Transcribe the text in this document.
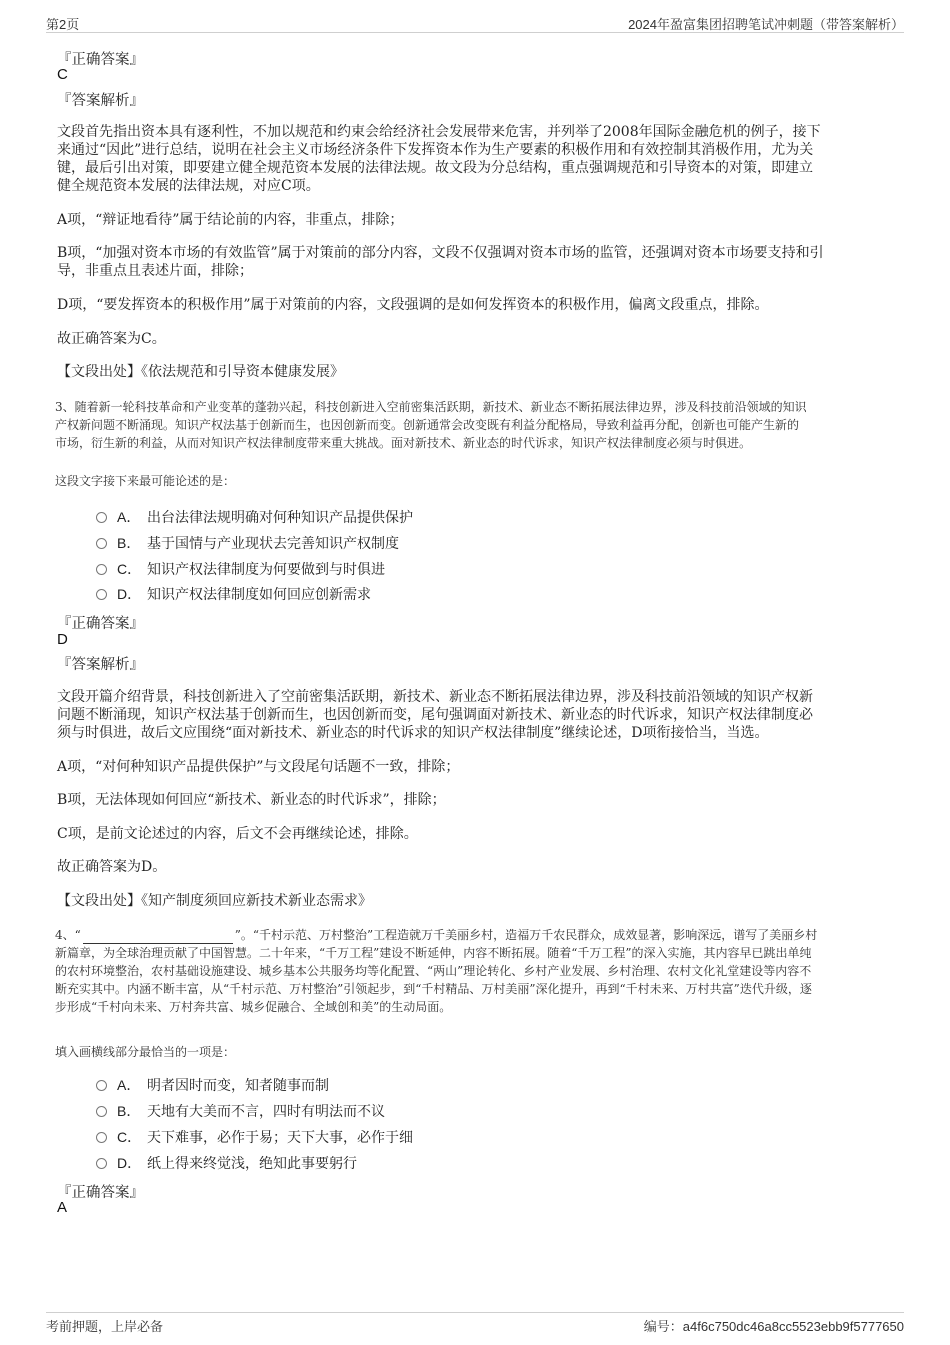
第2页	2024年盈富集团招聘笔试冲刺题（带答案解析）
『正确答案』
C
『答案解析』
文段首先指出资本具有逐利性，不加以规范和约束会给经济社会发展带来危害，并列举了2008年国际金融危机的例子，接下
来通过“因此”进行总结，说明在社会主义市场经济条件下发挥资本作为生产要素的积极作用和有效控制其消极作用，尤为关
键，最后引出对策，即要建立健全规范资本发展的法律法规。故文段为分总结构，重点强调规范和引导资本的对策，即建立
健全规范资本发展的法律法规，对应C项。
A项，“辩证地看待”属于结论前的内容，非重点，排除；
B项，“加强对资本市场的有效监管”属于对策前的部分内容，文段不仅强调对资本市场的监管，还强调对资本市场要支持和引
导，非重点且表述片面，排除；
D项，“要发挥资本的积极作用”属于对策前的内容，文段强调的是如何发挥资本的积极作用，偏离文段重点，排除。
故正确答案为C。
【文段出处】《依法规范和引导资本健康发展》
3、随着新一轮科技革命和产业变革的蓬勃兴起，科技创新进入空前密集活跃期，新技术、新业态不断拓展法律边界，涉及科技前沿领域的知识
产权新问题不断涌现。知识产权法基于创新而生，也因创新而变。创新通常会改变既有利益分配格局，导致利益再分配，创新也可能产生新的
市场，衍生新的利益，从而对知识产权法律制度带来重大挑战。面对新技术、新业态的时代诉求，知识产权法律制度必须与时俱进。
这段文字接下来最可能论述的是：
A． 出台法律法规明确对何种知识产品提供保护
B． 基于国情与产业现状去完善知识产权制度
C． 知识产权法律制度为何要做到与时俱进
D． 知识产权法律制度如何回应创新需求
『正确答案』
D
『答案解析』
文段开篇介绍背景，科技创新进入了空前密集活跃期，新技术、新业态不断拓展法律边界，涉及科技前沿领域的知识产权新
问题不断涌现，知识产权法基于创新而生，也因创新而变，尾句强调面对新技术、新业态的时代诉求，知识产权法律制度必
须与时俱进，故后文应围绕“面对新技术、新业态的时代诉求的知识产权法律制度”继续论述，D项衔接恰当，当选。
A项，“对何种知识产品提供保护”与文段尾句话题不一致，排除；
B项，无法体现如何回应“新技术、新业态的时代诉求”，排除；
C项，是前文论述过的内容，后文不会再继续论述，排除。
故正确答案为D。
【文段出处】《知产制度须回应新技术新业态需求》
4、“	”。“千村示范、万村整治”工程造就万千美丽乡村，造福万千农民群众，成效显著，影响深远，谱写了美丽乡村
新篇章，为全球治理贡献了中国智慧。二十年来，“千万工程”建设不断延伸，内容不断拓展。随着“千万工程”的深入实施，其内容早已跳出单纯
的农村环境整治，农村基础设施建设、城乡基本公共服务均等化配置、“两山”理论转化、乡村产业发展、乡村治理、农村文化礼堂建设等内容不
断充实其中。内涵不断丰富，从“千村示范、万村整治”引领起步，到“千村精品、万村美丽”深化提升，再到“千村未来、万村共富”迭代升级，逐
步形成“千村向未来、万村奔共富、城乡促融合、全域创和美”的生动局面。
填入画横线部分最恰当的一项是：
A． 明者因时而变，知者随事而制
B． 天地有大美而不言，四时有明法而不议
C． 天下难事，必作于易；天下大事，必作于细
D． 纸上得来终觉浅，绝知此事要躬行
『正确答案』
A
考前押题，上岸必备	编号：a4f6c750dc46a8cc5523ebb9f5777650
